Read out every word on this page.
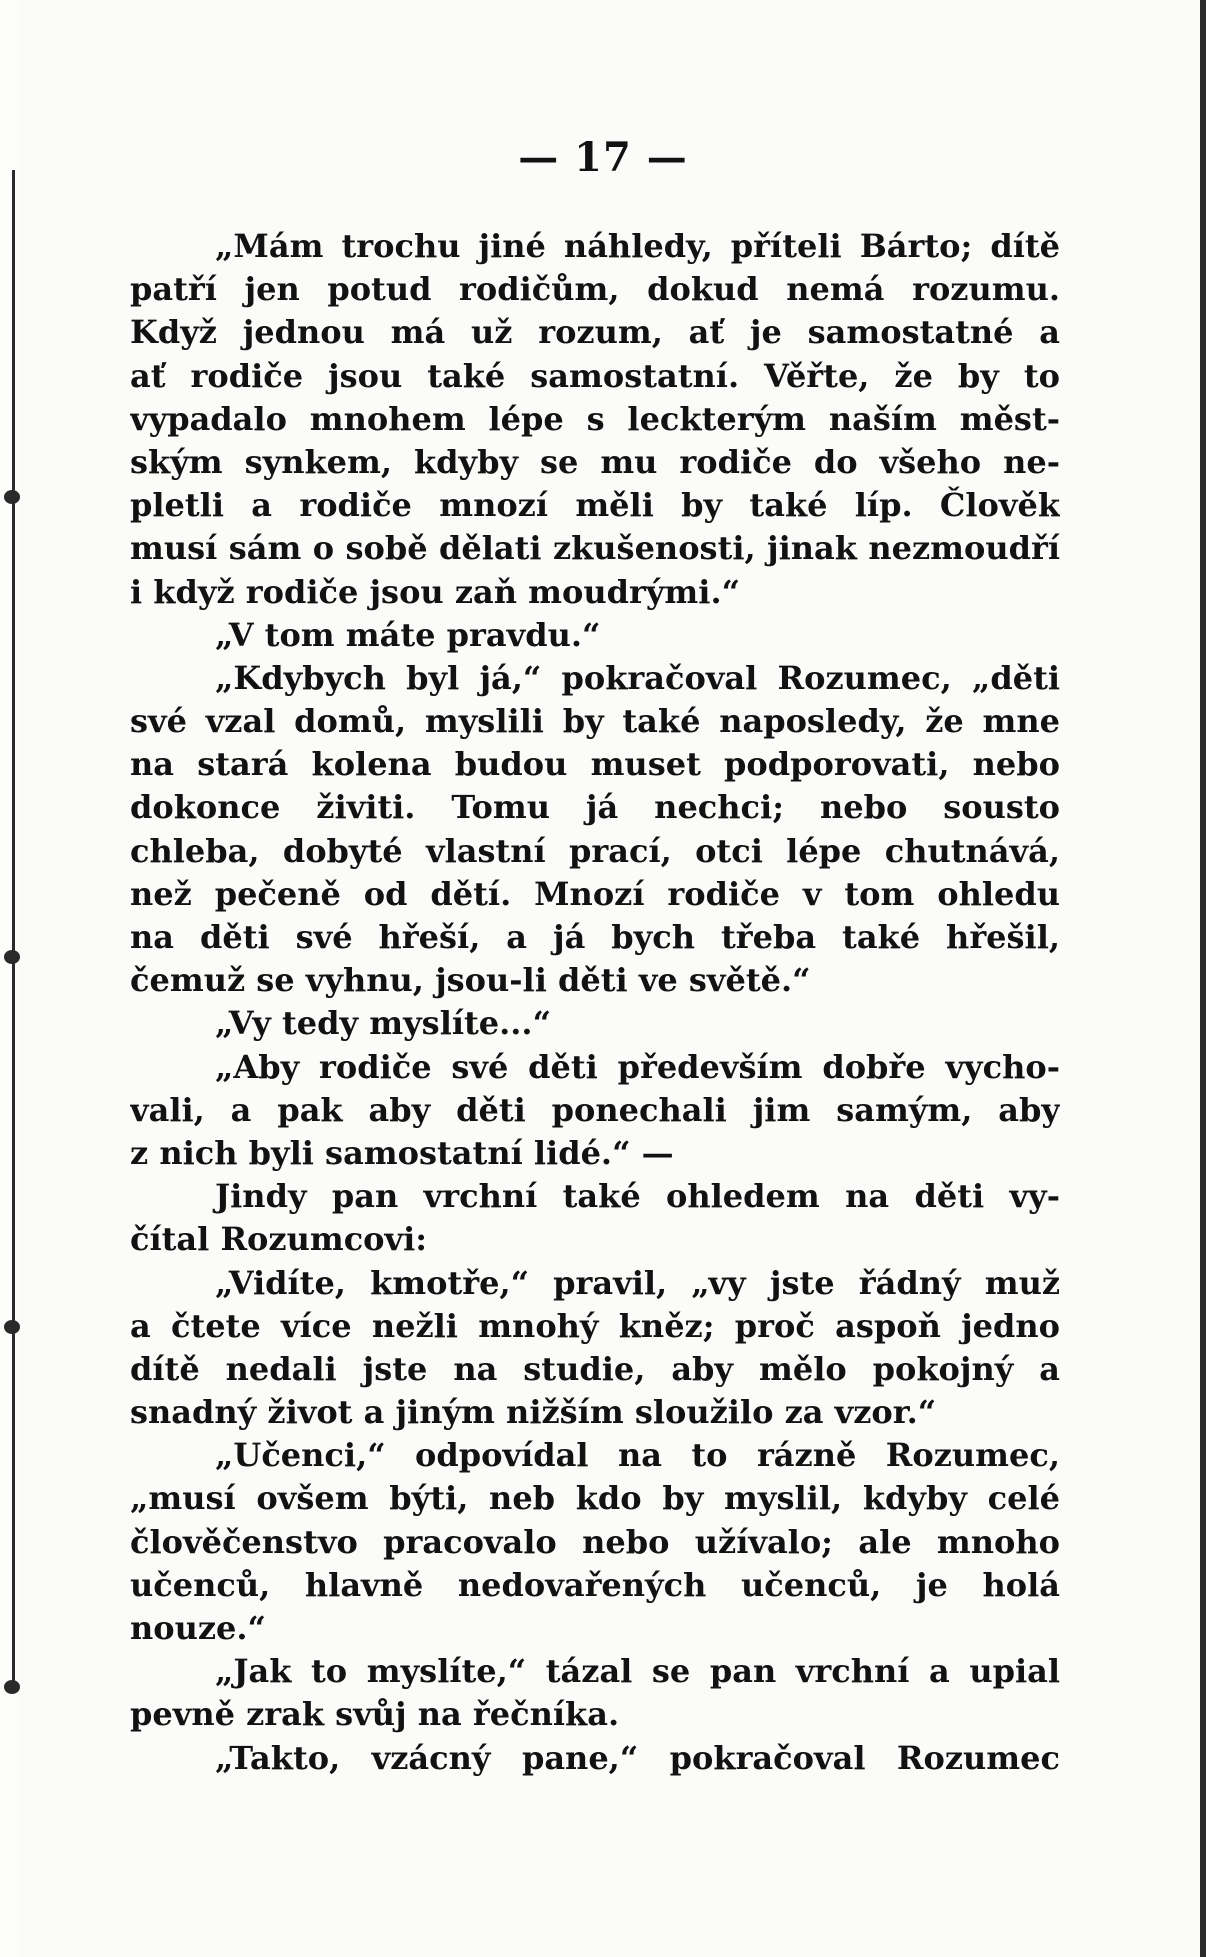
— 17 —
„Mám trochu jiné náhledy, příteli Bárto; dítě
patří jen potud rodičům, dokud nemá rozumu.
Když jednou má už rozum, ať je samostatné a
ať rodiče jsou také samostatní. Věřte, že by to
vypadalo mnohem lépe s leckterým naším měst-
ským synkem, kdyby se mu rodiče do všeho ne-
pletli a rodiče mnozí měli by také líp. Člověk
musí sám o sobě dělati zkušenosti, jinak nezmoudří
i když rodiče jsou zaň moudrými.“
„V tom máte pravdu.“
„Kdybych byl já,“ pokračoval Rozumec, „děti
své vzal domů, myslili by také naposledy, že mne
na stará kolena budou muset podporovati, nebo
dokonce živiti. Tomu já nechci; nebo sousto
chleba, dobyté vlastní prací, otci lépe chutnává,
než pečeně od dětí. Mnozí rodiče v tom ohledu
na děti své hřeší, a já bych třeba také hřešil,
čemuž se vyhnu, jsou-li děti ve světě.“
„Vy tedy myslíte...“
„Aby rodiče své děti především dobře vycho-
vali, a pak aby děti ponechali jim samým, aby
z nich byli samostatní lidé.“ —
Jindy pan vrchní také ohledem na děti vy-
čítal Rozumcovi:
„Vidíte, kmotře,“ pravil, „vy jste řádný muž
a čtete více nežli mnohý kněz; proč aspoň jedno
dítě nedali jste na studie, aby mělo pokojný a
snadný život a jiným nižším sloužilo za vzor.“
„Učenci,“ odpovídal na to rázně Rozumec,
„musí ovšem býti, neb kdo by myslil, kdyby celé
člověčenstvo pracovalo nebo užívalo; ale mnoho
učenců, hlavně nedovařených učenců, je holá
nouze.“
„Jak to myslíte,“ tázal se pan vrchní a upial
pevně zrak svůj na řečníka.
„Takto, vzácný pane,“ pokračoval Rozumec
